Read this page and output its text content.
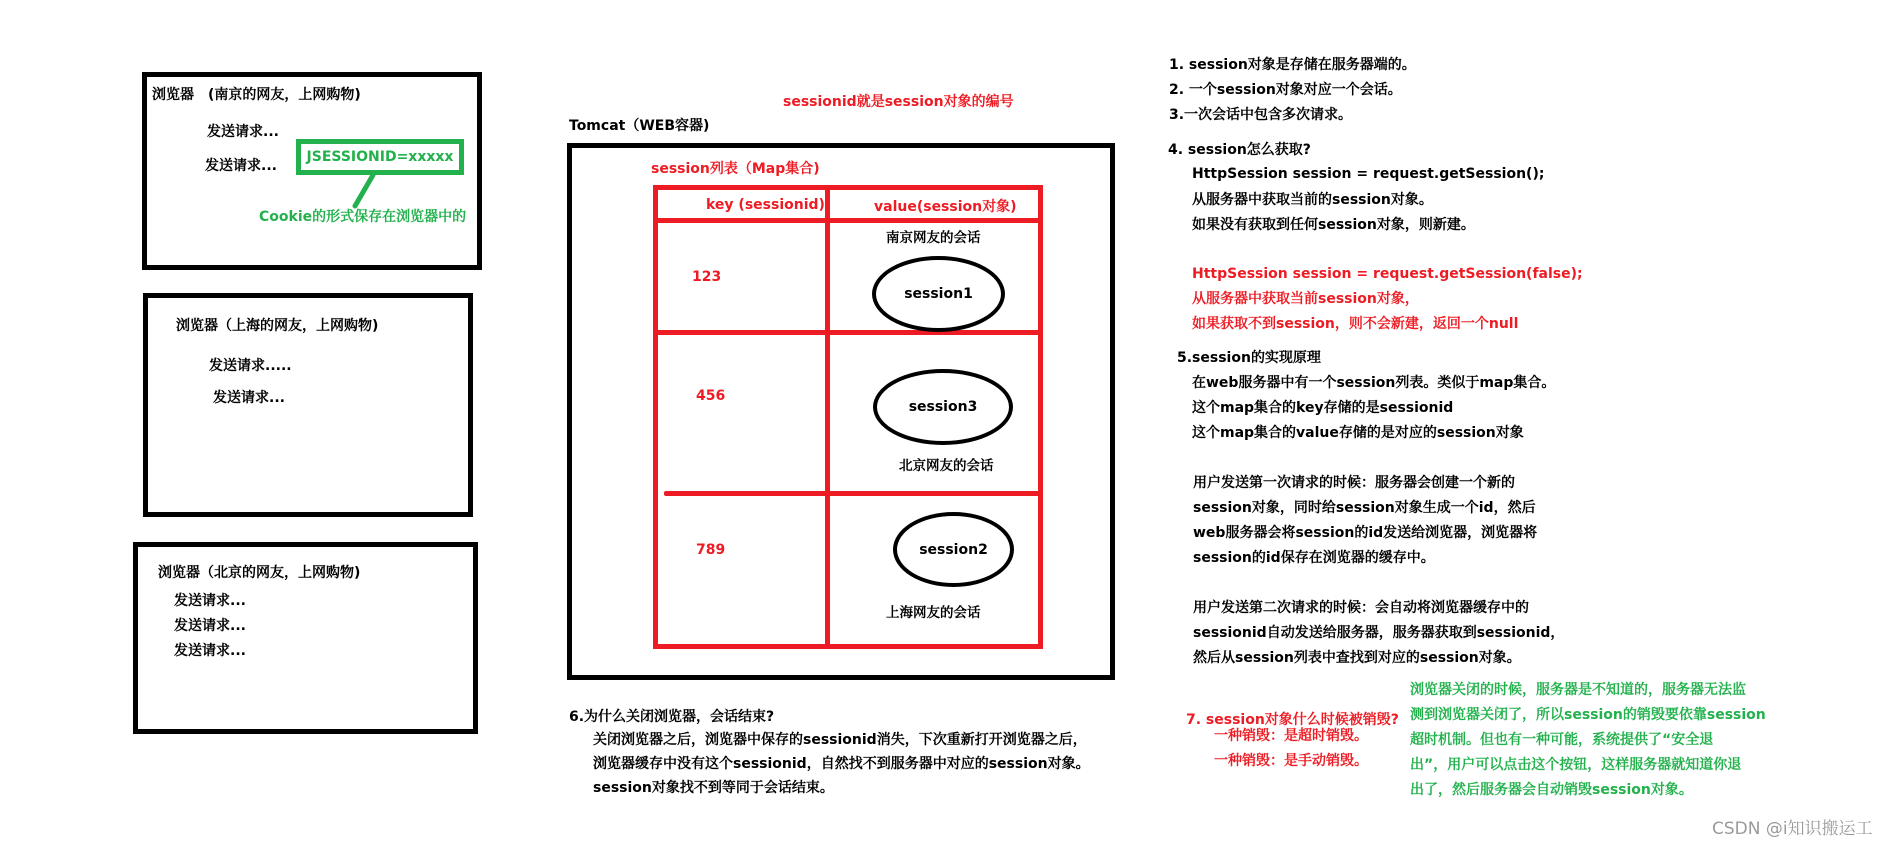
浏览器　(南京的网友，上网购物)
发送请求...
发送请求...
JSESSIONID=xxxxx
Cookie的形式保存在浏览器中的
浏览器（上海的网友，上网购物)
发送请求.....
发送请求...
浏览器（北京的网友，上网购物)
发送请求...
发送请求...
发送请求...
sessionid就是session对象的编号
Tomcat（WEB容器)
session列表（Map集合)
key (sessionid)	value(session对象)
123
南京网友的会话
session1
456
session3
北京网友的会话
789	session2
上海网友的会话
6.为什么关闭浏览器，会话结束?
关闭浏览器之后，浏览器中保存的sessionid消失，下次重新打开浏览器之后，
浏览器缓存中没有这个sessionid，自然找不到服务器中对应的session对象。
session对象找不到等同于会话结束。
1. session对象是存储在服务器端的。
2. 一个session对象对应一个会话。
3.一次会话中包含多次请求。
4. session怎么获取?
HttpSession session = request.getSession();
从服务器中获取当前的session对象。
如果没有获取到任何session对象，则新建。
HttpSession session = request.getSession(false);
从服务器中获取当前session对象，
如果获取不到session，则不会新建，返回一个null
5.session的实现原理
在web服务器中有一个session列表。类似于map集合。
这个map集合的key存储的是sessionid
这个map集合的value存储的是对应的session对象
用户发送第一次请求的时候：服务器会创建一个新的
session对象，同时给session对象生成一个id，然后
web服务器会将session的id发送给浏览器，浏览器将
session的id保存在浏览器的缓存中。
用户发送第二次请求的时候：会自动将浏览器缓存中的
sessionid自动发送给服务器，服务器获取到sessionid，
然后从session列表中查找到对应的session对象。
7. session对象什么时候被销毁?
一种销毁：是超时销毁。
一种销毁：是手动销毁。
浏览器关闭的时候，服务器是不知道的，服务器无法监
测到浏览器关闭了，所以session的销毁要依靠session
超时机制。但也有一种可能，系统提供了“安全退
出”，用户可以点击这个按钮，这样服务器就知道你退
出了，然后服务器会自动销毁session对象。
CSDN @i知识搬运工
